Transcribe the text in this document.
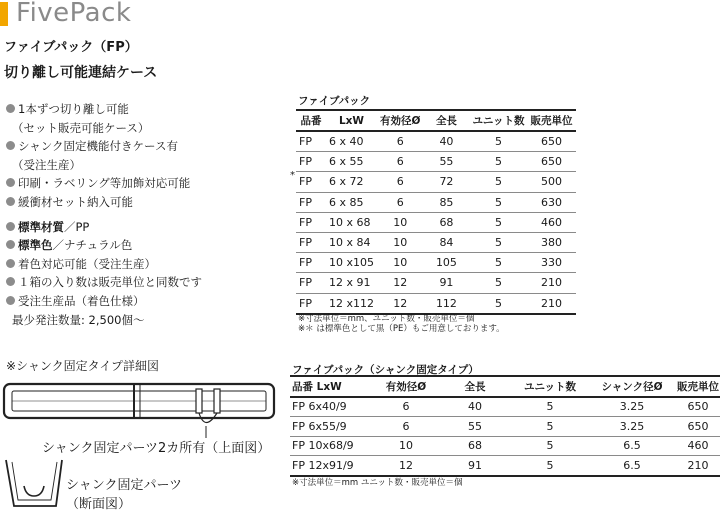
FivePack
ファイブパック（FP）
切り離し可能連結ケース
1本ずつ切り離し可能
（セット販売可能ケース）
シャンク固定機能付きケース有
（受注生産）
印刷・ラベリング等加飾対応可能
緩衝材セット納入可能
標準材質 ／PP
標準色 ／ナチュラル色
着色対応可能（受注生産）
１箱の入り数は販売単位と同数です
受注生産品（着色仕様）
最少発注数量: 2,500個〜
ファイブパック
*
品番	LxW	有効径Ø	全長	ユニット数	販売単位
FP	6 x 40	6	40	5	650
FP	6 x 55	6	55	5	650
FP	6 x 72	6	72	5	500
FP	6 x 85	6	85	5	630
FP	10 x 68	10	68	5	460
FP	10 x 84	10	84	5	380
FP	10 x105	10	105	5	330
FP	12 x 91	12	91	5	210
FP	12 x112	12	112	5	210
※寸法単位＝mm、ユニット数・販売単位＝個
※＊ は標準色として黒（PE）もご用意しております。
ファイブパック（シャンク固定タイプ）
品番 LxW	有効径Ø	全長	ユニット数	シャンク径Ø	販売単位
FP 6x40/9	6	40	5	3.25	650
FP 6x55/9	6	55	5	3.25	650
FP 10x68/9	10	68	5	6.5	460
FP 12x91/9	12	91	5	6.5	210
※寸法単位＝mm ユニット数・販売単位＝個
※シャンク固定タイプ詳細図
シャンク固定パーツ2カ所有（上面図）
シャンク固定パーツ
（断面図）
